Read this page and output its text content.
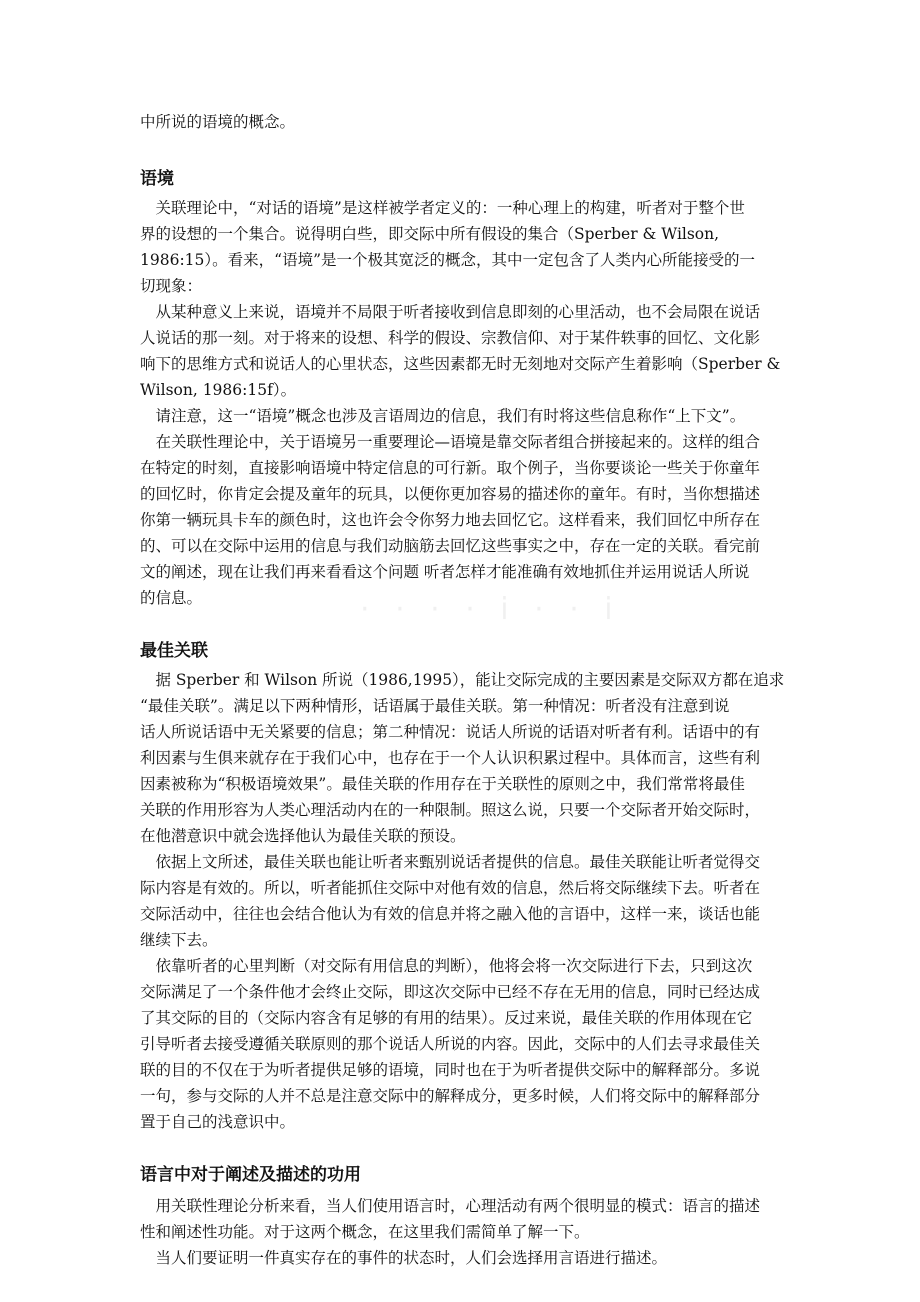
· · · · i · · i

中所说的语境的概念。

语境

　关联理论中，“对话的语境”是这样被学者定义的：一种心理上的构建，听者对于整个世

界的设想的一个集合。说得明白些，即交际中所有假设的集合（Sperber & Wilson,

1986:15）。看来，“语境”是一个极其宽泛的概念，其中一定包含了人类内心所能接受的一

切现象：

　从某种意义上来说，语境并不局限于听者接收到信息即刻的心里活动，也不会局限在说话

人说话的那一刻。对于将来的设想、科学的假设、宗教信仰、对于某件轶事的回忆、文化影

响下的思维方式和说话人的心里状态，这些因素都无时无刻地对交际产生着影响（Sperber &

Wilson, 1986:15f）。

　请注意，这一“语境”概念也涉及言语周边的信息，我们有时将这些信息称作“上下文”。

　在关联性理论中，关于语境另一重要理论—语境是靠交际者组合拼接起来的。这样的组合

在特定的时刻，直接影响语境中特定信息的可行新。取个例子，当你要谈论一些关于你童年

的回忆时，你肯定会提及童年的玩具，以便你更加容易的描述你的童年。有时，当你想描述

你第一辆玩具卡车的颜色时，这也许会令你努力地去回忆它。这样看来，我们回忆中所存在

的、可以在交际中运用的信息与我们动脑筋去回忆这些事实之中，存在一定的关联。看完前

文的阐述，现在让我们再来看看这个问题 听者怎样才能准确有效地抓住并运用说话人所说

的信息。

最佳关联

　据 Sperber 和 Wilson 所说（1986,1995），能让交际完成的主要因素是交际双方都在追求

“最佳关联”。满足以下两种情形，话语属于最佳关联。第一种情况：听者没有注意到说

话人所说话语中无关紧要的信息；第二种情况：说话人所说的话语对听者有利。话语中的有

利因素与生俱来就存在于我们心中，也存在于一个人认识积累过程中。具体而言，这些有利

因素被称为“积极语境效果”。最佳关联的作用存在于关联性的原则之中，我们常常将最佳

关联的作用形容为人类心理活动内在的一种限制。照这么说，只要一个交际者开始交际时，

在他潜意识中就会选择他认为最佳关联的预设。

　依据上文所述，最佳关联也能让听者来甄别说话者提供的信息。最佳关联能让听者觉得交

际内容是有效的。所以，听者能抓住交际中对他有效的信息，然后将交际继续下去。听者在

交际活动中，往往也会结合他认为有效的信息并将之融入他的言语中，这样一来，谈话也能

继续下去。

　依靠听者的心里判断（对交际有用信息的判断），他将会将一次交际进行下去，只到这次

交际满足了一个条件他才会终止交际，即这次交际中已经不存在无用的信息，同时已经达成

了其交际的目的（交际内容含有足够的有用的结果）。反过来说，最佳关联的作用体现在它

引导听者去接受遵循关联原则的那个说话人所说的内容。因此，交际中的人们去寻求最佳关

联的目的不仅在于为听者提供足够的语境，同时也在于为听者提供交际中的解释部分。多说

一句，参与交际的人并不总是注意交际中的解释成分，更多时候，人们将交际中的解释部分

置于自己的浅意识中。

语言中对于阐述及描述的功用

　用关联性理论分析来看，当人们使用语言时，心理活动有两个很明显的模式：语言的描述

性和阐述性功能。对于这两个概念，在这里我们需简单了解一下。

　当人们要证明一件真实存在的事件的状态时，人们会选择用言语进行描述。
